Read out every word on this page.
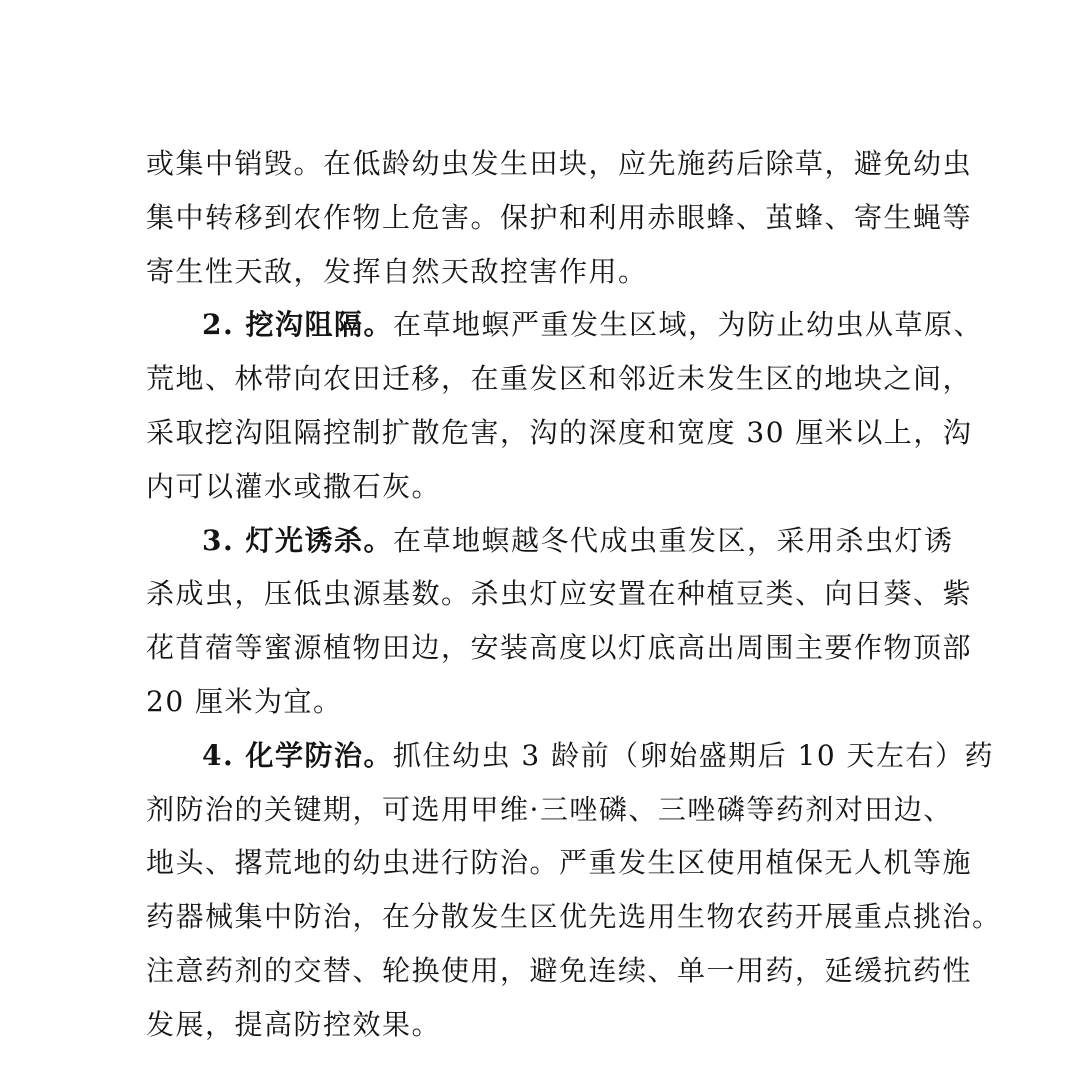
或集中销毁。在低龄幼虫发生田块，应先施药后除草，避免幼虫
集中转移到农作物上危害。保护和利用赤眼蜂、茧蜂、寄生蝇等
寄生性天敌，发挥自然天敌控害作用。

2. 挖沟阻隔。在草地螟严重发生区域，为防止幼虫从草原、
荒地、林带向农田迁移，在重发区和邻近未发生区的地块之间，
采取挖沟阻隔控制扩散危害，沟的深度和宽度 30 厘米以上，沟
内可以灌水或撒石灰。

3. 灯光诱杀。在草地螟越冬代成虫重发区，采用杀虫灯诱
杀成虫，压低虫源基数。杀虫灯应安置在种植豆类、向日葵、紫
花苜蓿等蜜源植物田边，安装高度以灯底高出周围主要作物顶部
20 厘米为宜。

4. 化学防治。抓住幼虫 3 龄前（卵始盛期后 10 天左右）药
剂防治的关键期，可选用甲维·三唑磷、三唑磷等药剂对田边、
地头、撂荒地的幼虫进行防治。严重发生区使用植保无人机等施
药器械集中防治，在分散发生区优先选用生物农药开展重点挑治。
注意药剂的交替、轮换使用，避免连续、单一用药，延缓抗药性
发展，提高防控效果。
